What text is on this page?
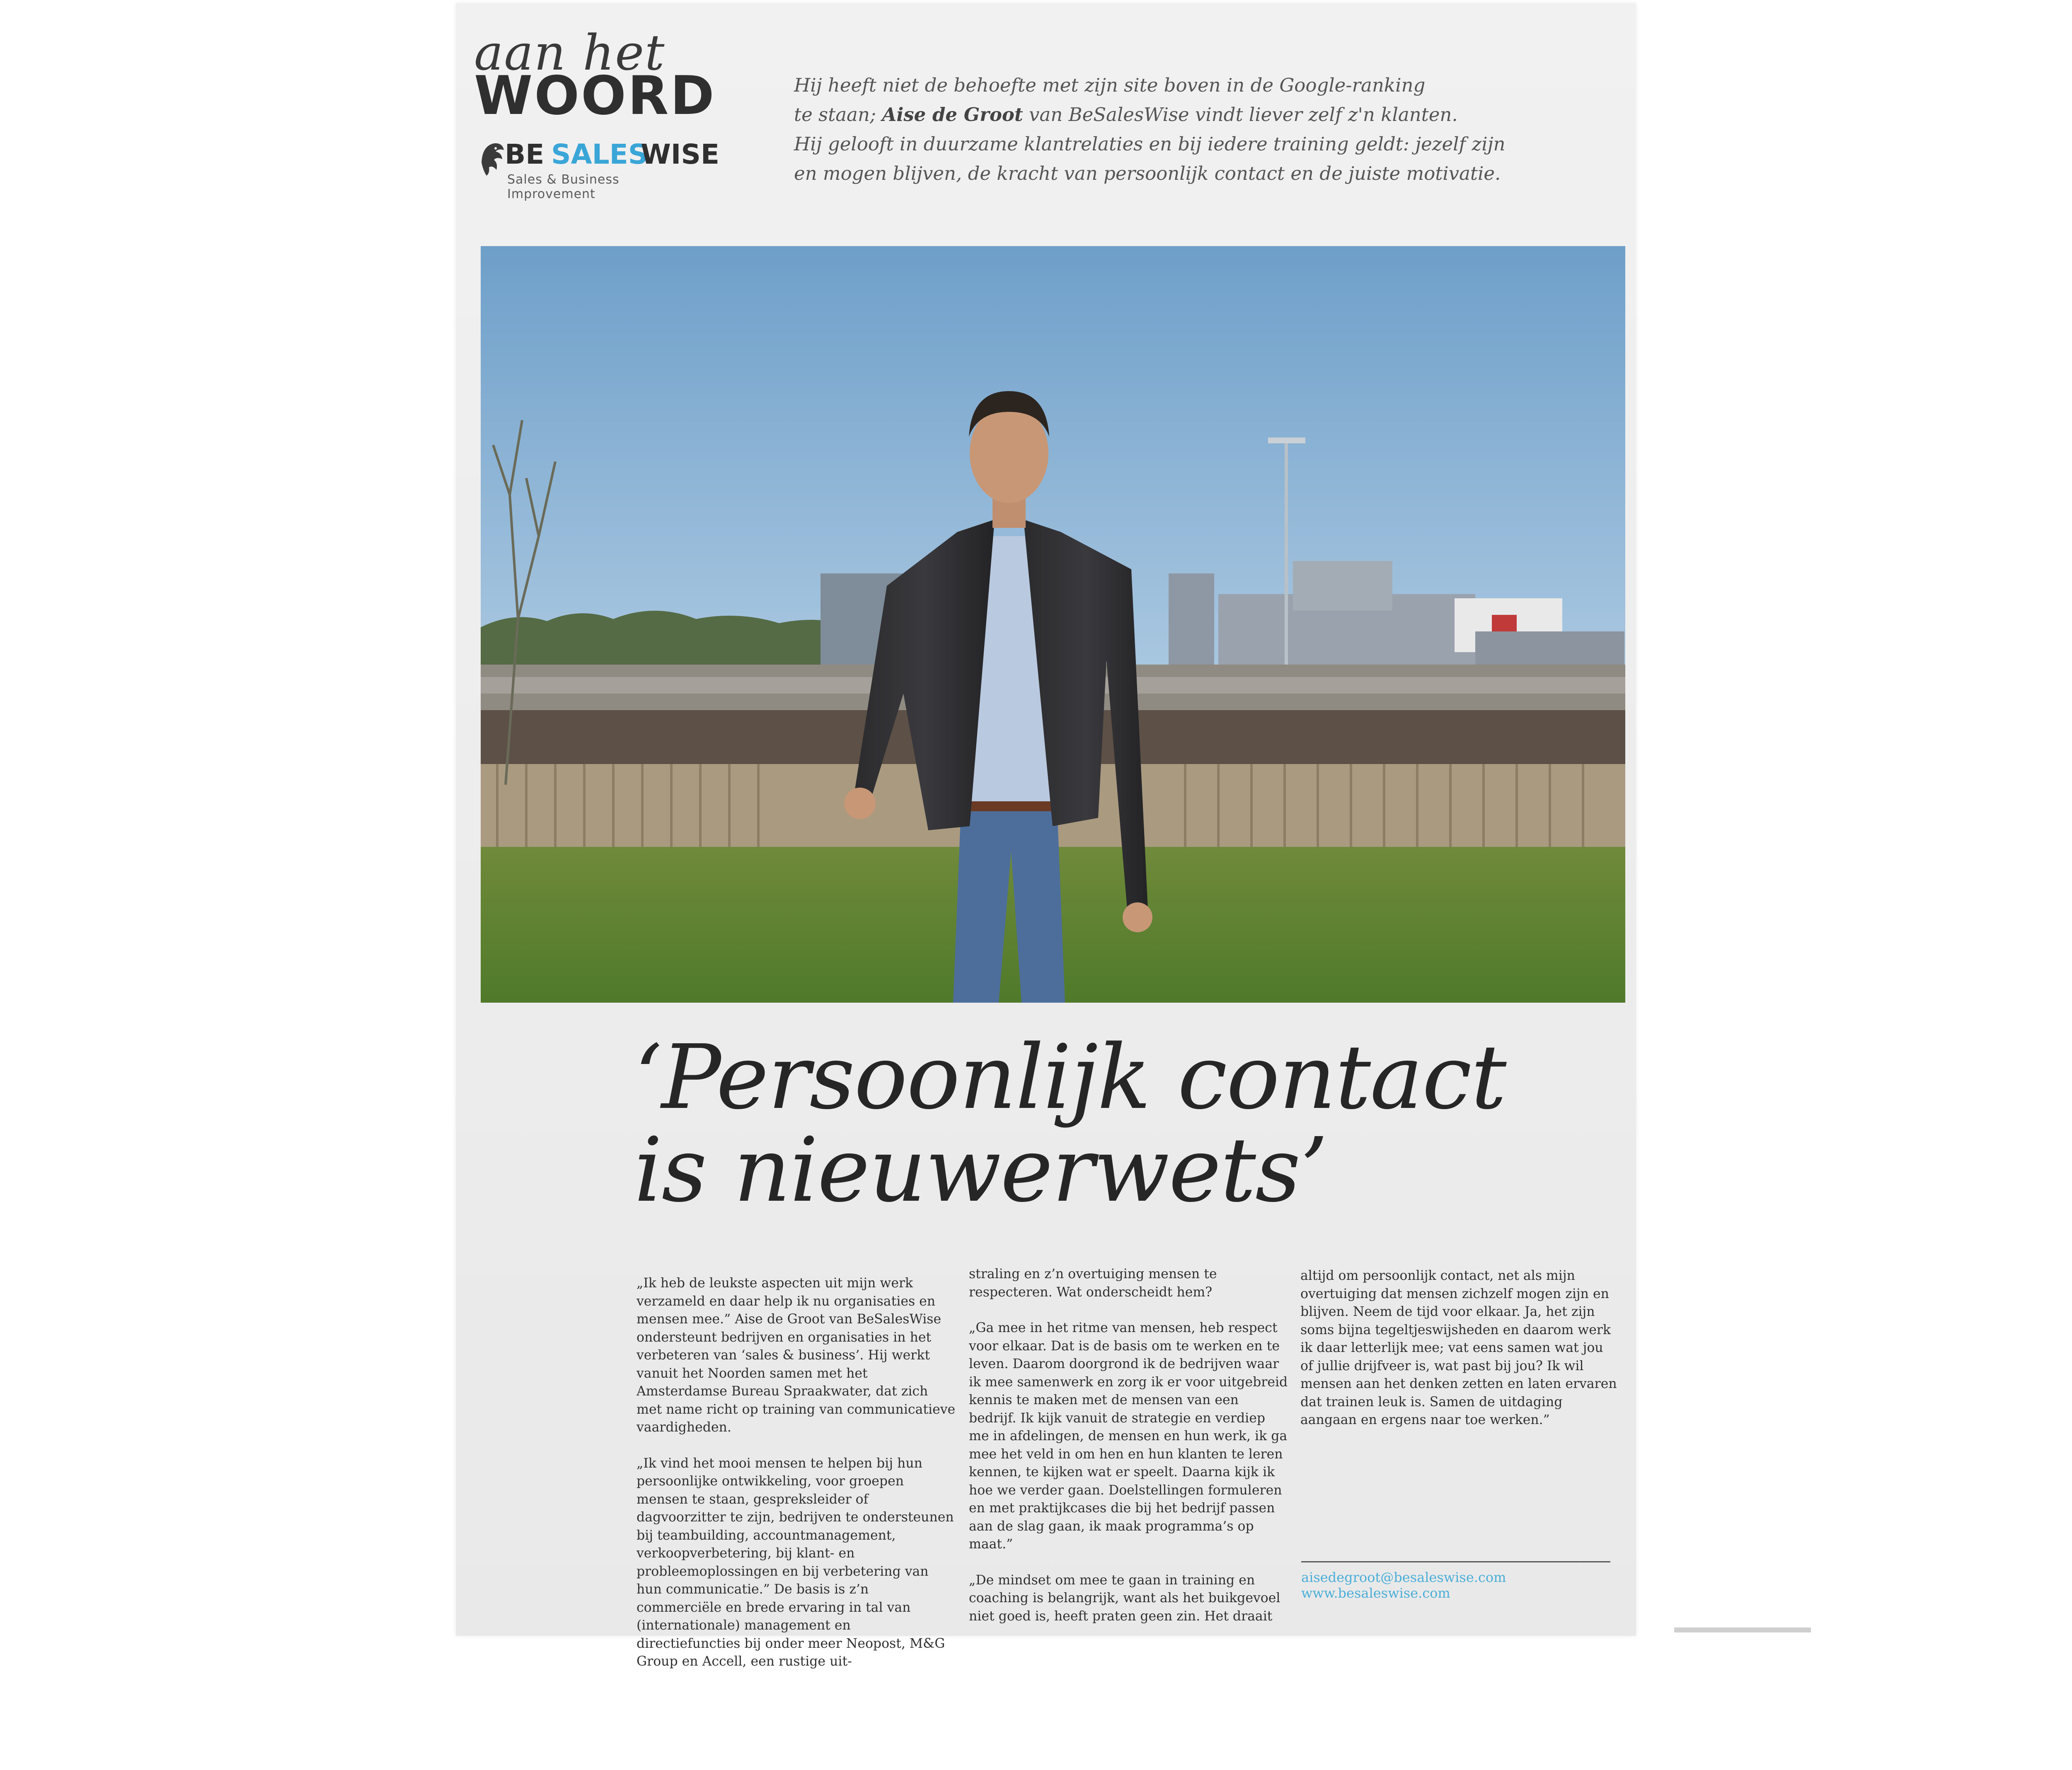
aan het
WOORD
BE SALES
WISE
Sales & Business Improvement
Hij heeft niet de behoefte met zijn site boven in de Google-ranking
te staan; Aise de Groot van BeSalesWise vindt liever zelf z'n klanten.
Hij gelooft in duurzame klantrelaties en bij iedere training geldt: jezelf zijn
en mogen blijven, de kracht van persoonlijk contact en de juiste motivatie.
‘Persoonlijk contact
is
nieuwerwets’

„Ik heb de leukste aspecten uit mijn werk verzameld en daar help ik nu organisaties en mensen mee.” Aise de Groot van BeSalesWise ondersteunt bedrijven en organisaties in het verbeteren van ‘sales & business’. Hij werkt vanuit het Noorden samen met het Amsterdamse Bureau Spraakwater, dat zich met name richt op training van communicatieve vaardigheden.

„Ik vind het mooi mensen te helpen bij hun persoonlijke ontwikkeling, voor groepen mensen te staan, gespreksleider of dagvoorzitter te zijn, bedrijven te ondersteunen bij teambuilding, accountmanagement, verkoopverbetering, bij klant- en probleemoplossingen en bij verbetering van hun communicatie.” De basis is z’n commerciële en brede ervaring in tal van (internationale) management en directiefuncties bij onder meer Neopost, M&G Group en Accell, een rustige uit-

straling en z’n overtuiging mensen te respecteren. Wat onderscheidt hem?

„Ga mee in het ritme van mensen, heb respect voor elkaar. Dat is de basis om te werken en te leven. Daarom doorgrond ik de bedrijven waar ik mee samenwerk en zorg ik er voor uitgebreid kennis te maken met de mensen van een bedrijf. Ik kijk vanuit de strategie en verdiep me in afdelingen, de mensen en hun werk, ik ga mee het veld in om hen en hun klanten te leren kennen, te kijken wat er speelt. Daarna kijk ik hoe we verder gaan. Doelstellingen formuleren en met praktijkcases die bij het bedrijf passen aan de slag gaan, ik maak programma’s op maat.”

„De mindset om mee te gaan in training en coaching is belangrijk, want als het buikgevoel niet goed is, heeft praten geen zin. Het draait

altijd om persoonlijk contact, net als mijn overtuiging dat mensen zichzelf mogen zijn en blijven. Neem de tijd voor elkaar. Ja, het zijn soms bijna tegeltjeswijsheden en daarom werk ik daar letterlijk mee; vat eens samen wat jou of jullie drijfveer is, wat past bij jou? Ik wil mensen aan het denken zetten en laten ervaren dat trainen leuk is. Samen de uitdaging aangaan en ergens naar toe werken.”

aisedegroot@besaleswise.com
www.besaleswise.com
